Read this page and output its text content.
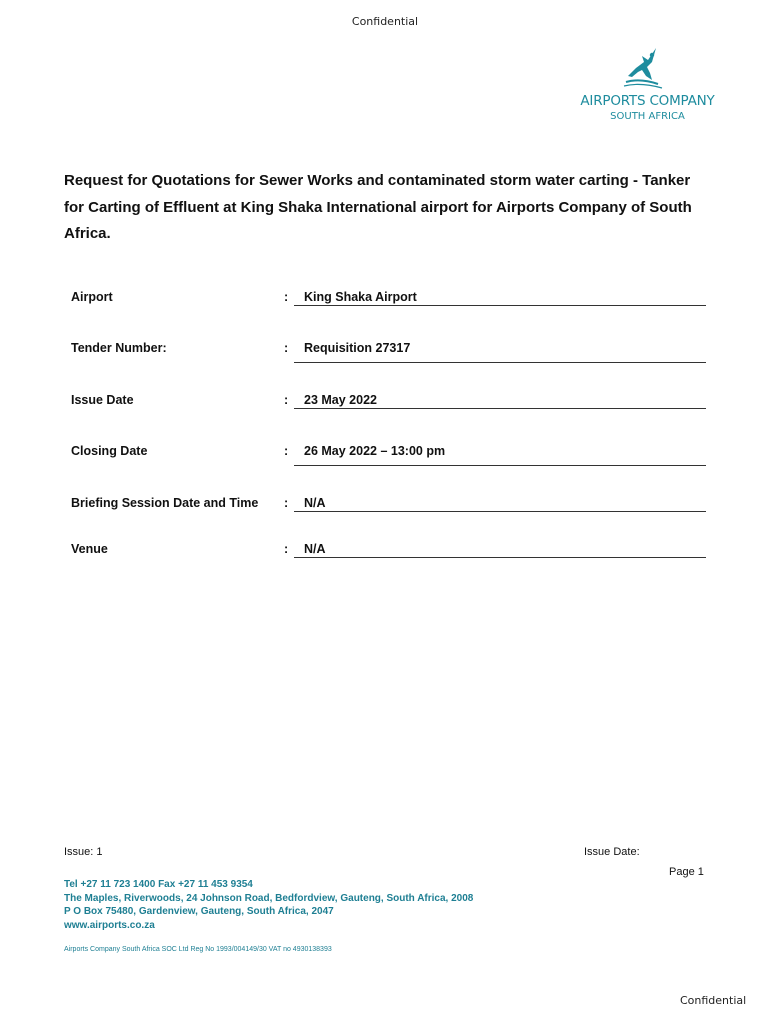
Confidential
AIRPORTS COMPANY
SOUTH AFRICA
Request for Quotations for Sewer Works and contaminated storm water carting - Tanker for Carting of Effluent at King Shaka International airport for Airports Company of South Africa.
Airport	: King Shaka Airport
Tender Number:	: Requisition 27317
Issue Date	: 23 May 2022
Closing Date	: 26 May 2022 – 13:00 pm
Briefing Session Date and Time : N/A
Venue	: N/A
Issue: 1	Issue Date:
Page 1
Tel +27 11 723 1400 Fax +27 11 453 9354
The Maples, Riverwoods, 24 Johnson Road, Bedfordview, Gauteng, South Africa, 2008
P O Box 75480, Gardenview, Gauteng, South Africa, 2047
www.airports.co.za
Airports Company South Africa SOC Ltd Reg No 1993/004149/30 VAT no 4930138393
Confidential
